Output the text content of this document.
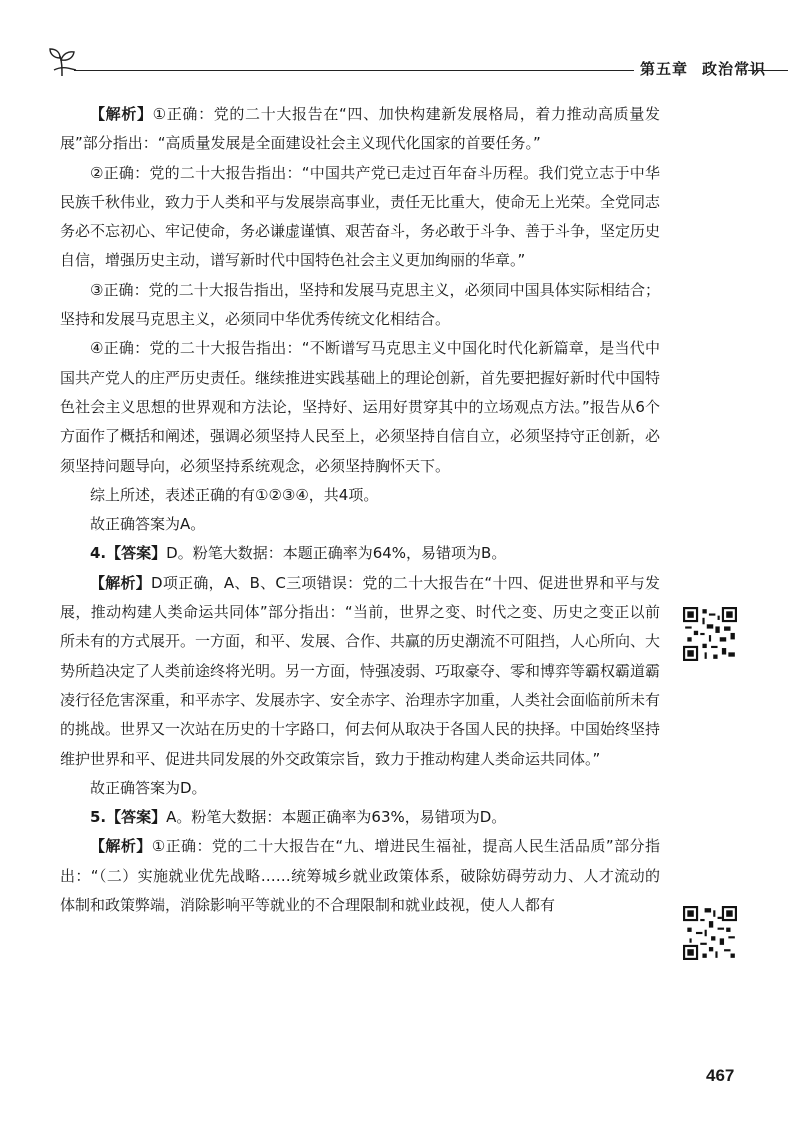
第五章 政治常识

【解析】①正确：党的二十大报告在“四、加快构建新发展格局，着力推动高质量发展”部分指出：“高质量发展是全面建设社会主义现代化国家的首要任务。”

②正确：党的二十大报告指出：“中国共产党已走过百年奋斗历程。我们党立志于中华民族千秋伟业，致力于人类和平与发展崇高事业，责任无比重大，使命无上光荣。全党同志务必不忘初心、牢记使命，务必谦虚谨慎、艰苦奋斗，务必敢于斗争、善于斗争，坚定历史自信，增强历史主动，谱写新时代中国特色社会主义更加绚丽的华章。”

③正确：党的二十大报告指出，坚持和发展马克思主义，必须同中国具体实际相结合；坚持和发展马克思主义，必须同中华优秀传统文化相结合。

④正确：党的二十大报告指出：“不断谱写马克思主义中国化时代化新篇章，是当代中国共产党人的庄严历史责任。继续推进实践基础上的理论创新，首先要把握好新时代中国特色社会主义思想的世界观和方法论，坚持好、运用好贯穿其中的立场观点方法。”报告从6个方面作了概括和阐述，强调必须坚持人民至上，必须坚持自信自立，必须坚持守正创新，必须坚持问题导向，必须坚持系统观念，必须坚持胸怀天下。

综上所述，表述正确的有①②③④，共4项。

故正确答案为A。

4.【答案】D。粉笔大数据：本题正确率为64%，易错项为B。

【解析】D项正确，A、B、C三项错误：党的二十大报告在“十四、促进世界和平与发展，推动构建人类命运共同体”部分指出：“当前，世界之变、时代之变、历史之变正以前所未有的方式展开。一方面，和平、发展、合作、共赢的历史潮流不可阻挡，人心所向、大势所趋决定了人类前途终将光明。另一方面，恃强凌弱、巧取豪夺、零和博弈等霸权霸道霸凌行径危害深重，和平赤字、发展赤字、安全赤字、治理赤字加重，人类社会面临前所未有的挑战。世界又一次站在历史的十字路口，何去何从取决于各国人民的抉择。中国始终坚持维护世界和平、促进共同发展的外交政策宗旨，致力于推动构建人类命运共同体。”

故正确答案为D。

5.【答案】A。粉笔大数据：本题正确率为63%，易错项为D。

【解析】①正确：党的二十大报告在“九、增进民生福祉，提高人民生活品质”部分指出：“（二）实施就业优先战略……统筹城乡就业政策体系，破除妨碍劳动力、人才流动的体制和政策弊端，消除影响平等就业的不合理限制和就业歧视，使人人都有

467
